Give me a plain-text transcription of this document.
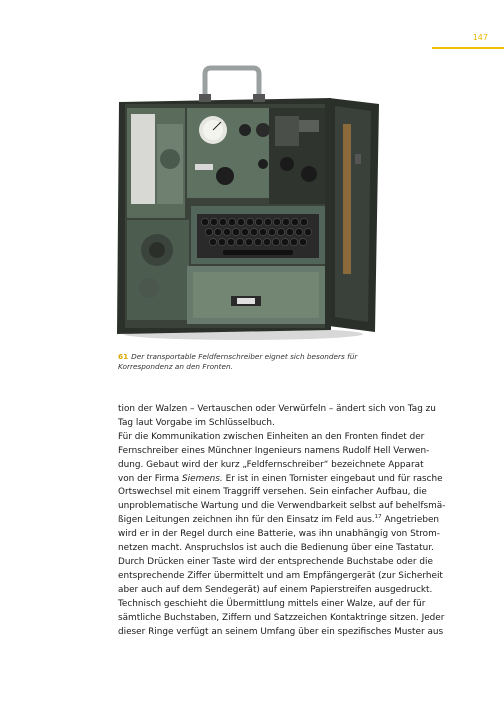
147
61 Der transportable Feldfernschreiber eignet sich besonders für Korrespondenz an den Fronten.
tion der Walzen – Vertauschen oder Verwürfeln – ändert sich von Tag zu
Tag laut Vorgabe im Schlüsselbuch.
Für die Kommunikation zwischen Einheiten an den Fronten findet der
Fernschreiber eines Münchner Ingenieurs namens Rudolf Hell Verwen-
dung. Gebaut wird der kurz „Feldfernschreiber“ bezeichnete Apparat
von der Firma Siemens. Er ist in einen Tornister eingebaut und für rasche
Ortswechsel mit einem Traggriff versehen. Sein einfacher Aufbau, die
unproblematische Wartung und die Verwendbarkeit selbst auf behelfsmä-
ßigen Leitungen zeichnen ihn für den Einsatz im Feld aus.$^{17}$ Angetrieben
wird er in der Regel durch eine Batterie, was ihn unabhängig von Strom-
netzen macht. Anspruchslos ist auch die Bedienung über eine Tastatur.
Durch Drücken einer Taste wird der entsprechende Buchstabe oder die
entsprechende Ziffer übermittelt und am Empfängergerät (zur Sicherheit
aber auch auf dem Sendegerät) auf einem Papierstreifen ausgedruckt.
Technisch geschieht die Übermittlung mittels einer Walze, auf der für
sämtliche Buchstaben, Ziffern und Satzzeichen Kontaktringe sitzen. Jeder
dieser Ringe verfügt an seinem Umfang über ein spezifisches Muster aus
